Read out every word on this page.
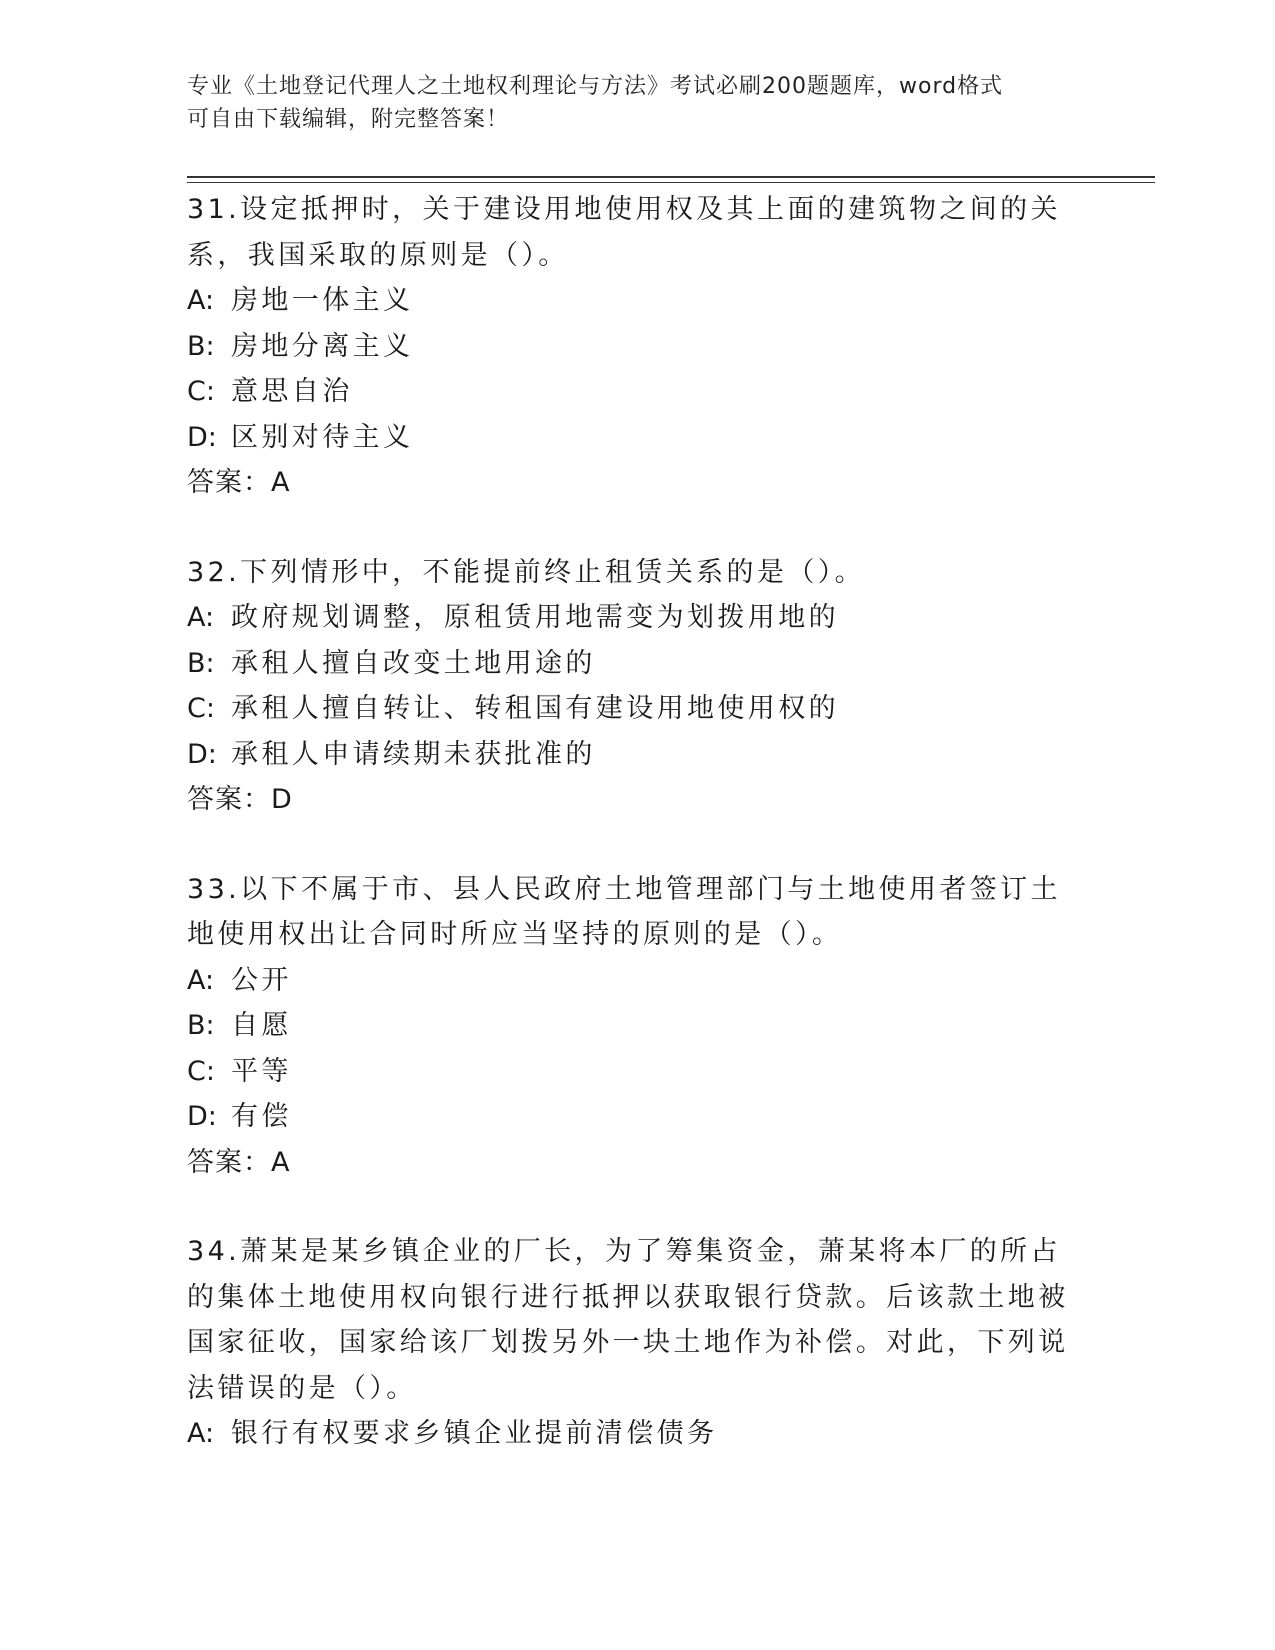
专业《土地登记代理人之土地权利理论与方法》考试必刷200题题库，word格式
可自由下载编辑，附完整答案！

31.设定抵押时，关于建设用地使用权及其上面的建筑物之间的关系，我国采取的原则是（）。

A: 房地一体主义
B: 房地分离主义
C: 意思自治
D: 区别对待主义
答案：A

32.下列情形中，不能提前终止租赁关系的是（）。

A: 政府规划调整，原租赁用地需变为划拨用地的
B: 承租人擅自改变土地用途的
C: 承租人擅自转让、转租国有建设用地使用权的
D: 承租人申请续期未获批准的
答案：D

33.以下不属于市、县人民政府土地管理部门与土地使用者签订土地使用权出让合同时所应当坚持的原则的是（）。

A: 公开
B: 自愿
C: 平等
D: 有偿
答案：A

34.萧某是某乡镇企业的厂长，为了筹集资金，萧某将本厂的所占的集体土地使用权向银行进行抵押以获取银行贷款。后该款土地被国家征收，国家给该厂划拨另外一块土地作为补偿。对此，下列说法错误的是（）。

A: 银行有权要求乡镇企业提前清偿债务
